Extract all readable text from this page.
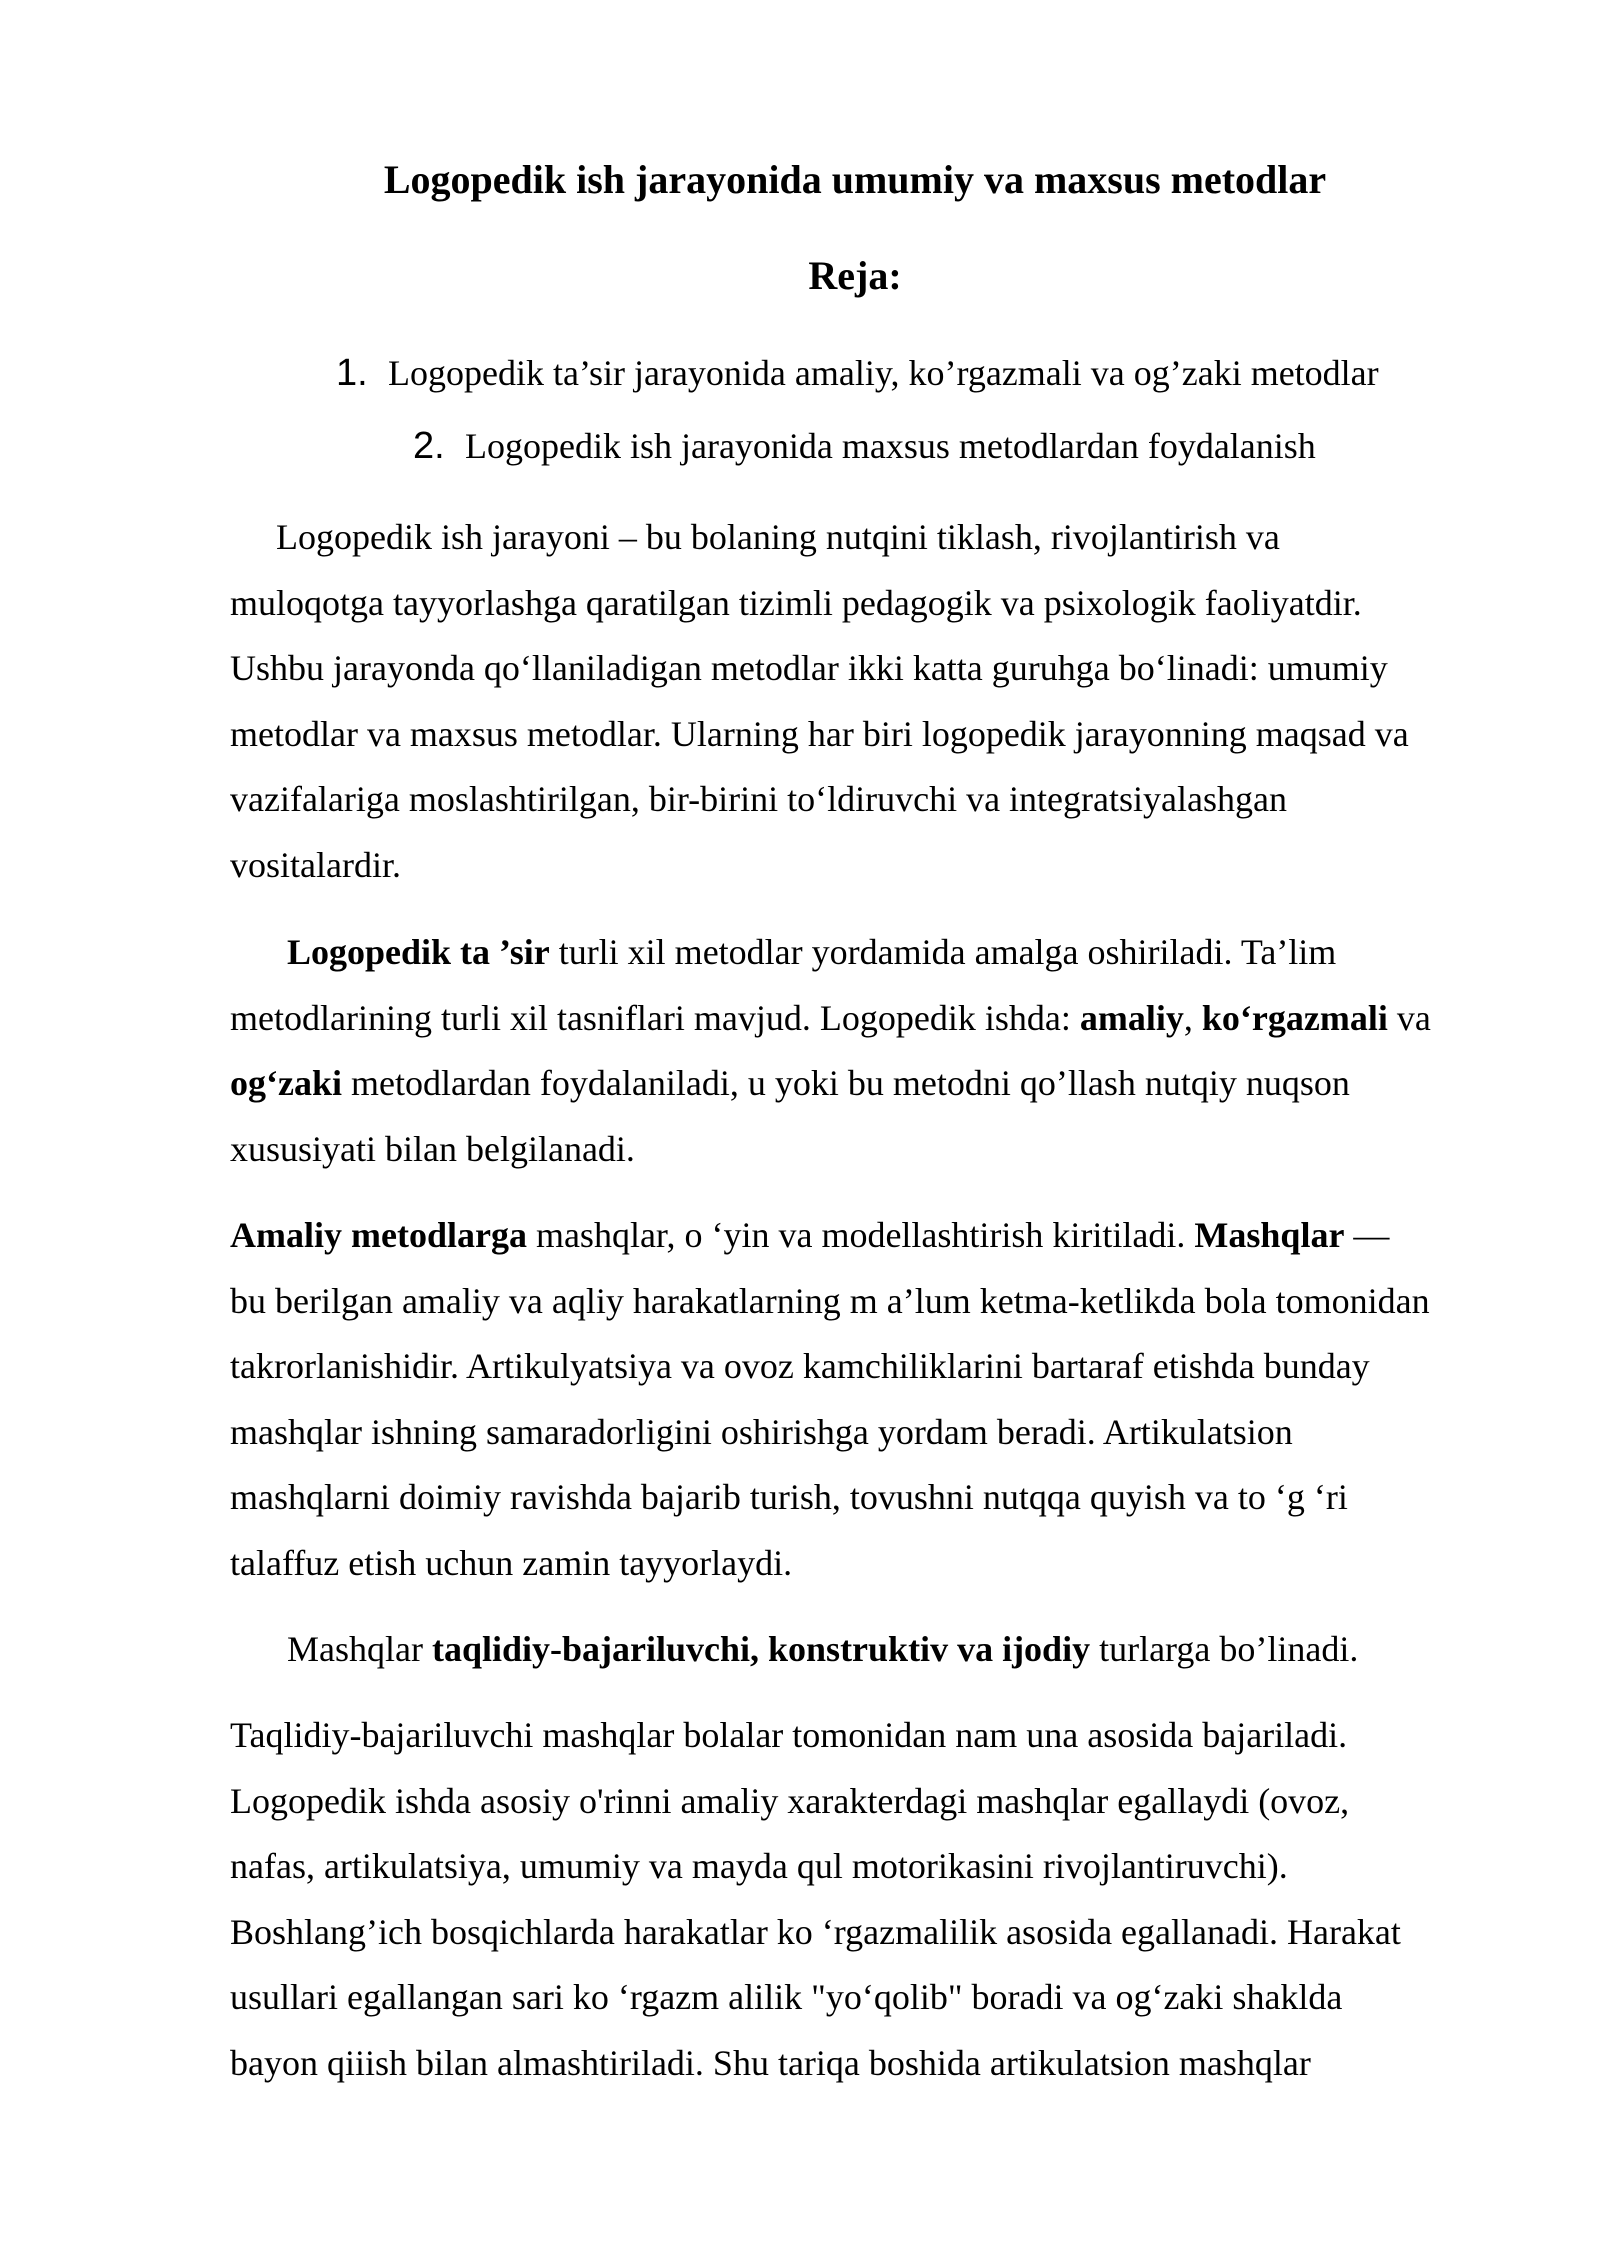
Logopedik ish jarayonida umumiy va maxsus metodlar
Reja:
1. Logopedik ta’sir jarayonida amaliy, ko’rgazmali va og’zaki metodlar
2. Logopedik ish jarayonida maxsus metodlardan foydalanish

Logopedik ish jarayoni – bu bolaning nutqini tiklash, rivojlantirish va
muloqotga tayyorlashga qaratilgan tizimli pedagogik va psixologik faoliyatdir.
Ushbu jarayonda qo‘llaniladigan metodlar ikki katta guruhga bo‘linadi: umumiy
metodlar va maxsus metodlar. Ularning har biri logopedik jarayonning maqsad va
vazifalariga moslashtirilgan, bir-birini to‘ldiruvchi va integratsiyalashgan
vositalardir.

Logopedik ta ’sir turli xil metodlar yordamida amalga oshiriladi. Ta’lim
metodlarining turli xil tasniflari mavjud. Logopedik ishda: amaliy, ko‘rgazmali va
og‘zaki metodlardan foydalaniladi, u yoki bu metodni qo’llash nutqiy nuqson
xususiyati bilan belgilanadi.

Amaliy metodlarga mashqlar, o ‘yin va modellashtirish kiritiladi. Mashqlar —
bu berilgan amaliy va aqliy harakatlarning m a’lum ketma-ketlikda bola tomonidan
takrorlanishidir. Artikulyatsiya va ovoz kamchiliklarini bartaraf etishda bunday
mashqlar ishning samaradorligini oshirishga yordam beradi. Artikulatsion
mashqlarni doimiy ravishda bajarib turish, tovushni nutqqa quyish va to ‘g ‘ri
talaffuz etish uchun zamin tayyorlaydi.

Mashqlar taqlidiy-bajariluvchi, konstruktiv va ijodiy turlarga bo’linadi.

Taqlidiy-bajariluvchi mashqlar bolalar tomonidan nam una asosida bajariladi.
Logopedik ishda asosiy o'rinni amaliy xarakterdagi mashqlar egallaydi (ovoz,
nafas, artikulatsiya, umumiy va mayda qul motorikasini rivojlantiruvchi).
Boshlang’ich bosqichlarda harakatlar ko ‘rgazmalilik asosida egallanadi. Harakat
usullari egallangan sari ko ‘rgazm alilik "yo‘qolib" boradi va og‘zaki shaklda
bayon qiiish bilan almashtiriladi. Shu tariqa boshida artikulatsion mashqlar
